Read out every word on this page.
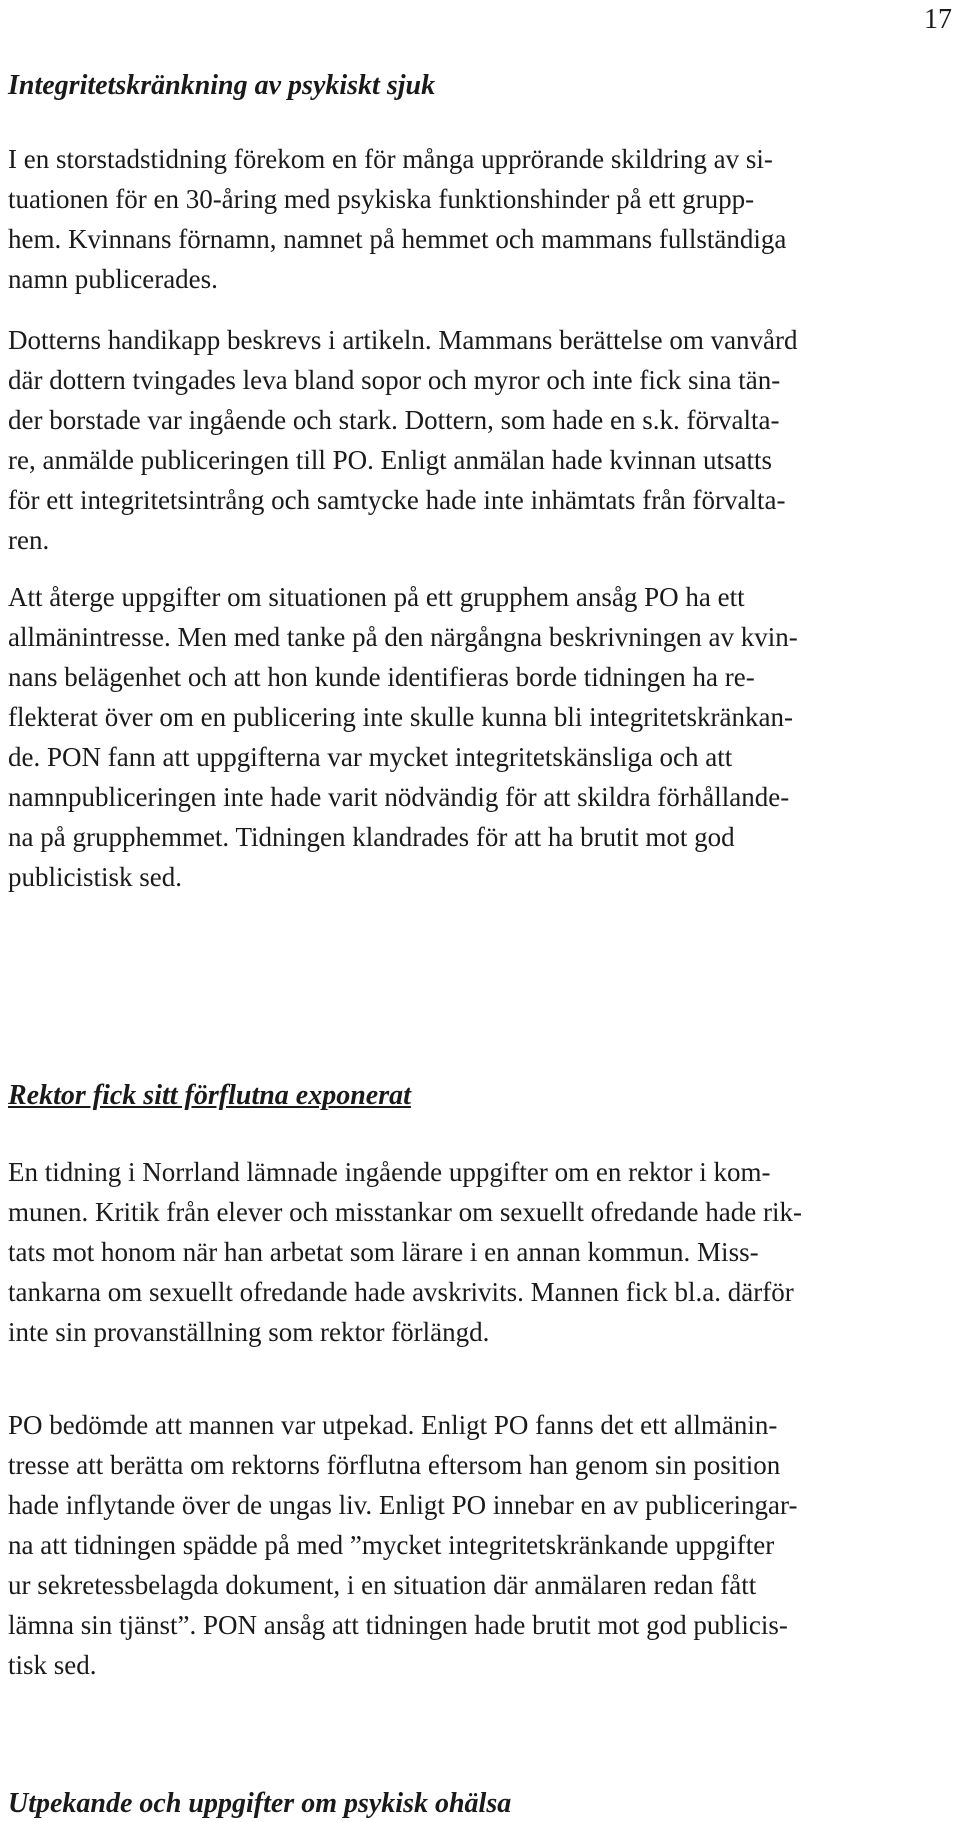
17
Integritetskränkning av psykiskt sjuk
I en storstadstidning förekom en för många upprörande skildring av si-
tuationen för en 30-åring med psykiska funktionshinder på ett grupp-
hem. Kvinnans förnamn, namnet på hemmet och mammans fullständiga
namn publicerades.
Dotterns handikapp beskrevs i artikeln. Mammans berättelse om vanvård
där dottern tvingades leva bland sopor och myror och inte fick sina tän-
der borstade var ingående och stark. Dottern, som hade en s.k. förvalta-
re, anmälde publiceringen till PO. Enligt anmälan hade kvinnan utsatts
för ett integritetsintrång och samtycke hade inte inhämtats från förvalta-
ren.
Att återge uppgifter om situationen på ett grupphem ansåg PO ha ett
allmänintresse. Men med tanke på den närgångna beskrivningen av kvin-
nans belägenhet och att hon kunde identifieras borde tidningen ha re-
flekterat över om en publicering inte skulle kunna bli integritetskränkan-
de. PON fann att uppgifterna var mycket integritetskänsliga och att
namnpubliceringen inte hade varit nödvändig för att skildra förhållande-
na på grupphemmet. Tidningen klandrades för att ha brutit mot god
publicistisk sed.
Rektor fick sitt förflutna exponerat
En tidning i Norrland lämnade ingående uppgifter om en rektor i kom-
munen. Kritik från elever och misstankar om sexuellt ofredande hade rik-
tats mot honom när han arbetat som lärare i en annan kommun. Miss-
tankarna om sexuellt ofredande hade avskrivits. Mannen fick bl.a. därför
inte sin provanställning som rektor förlängd.
PO bedömde att mannen var utpekad. Enligt PO fanns det ett allmänin-
tresse att berätta om rektorns förflutna eftersom han genom sin position
hade inflytande över de ungas liv. Enligt PO innebar en av publiceringar-
na att tidningen spädde på med ”mycket integritetskränkande uppgifter
ur sekretessbelagda dokument, i en situation där anmälaren redan fått
lämna sin tjänst”. PON ansåg att tidningen hade brutit mot god publicis-
tisk sed.
Utpekande och uppgifter om psykisk ohälsa
